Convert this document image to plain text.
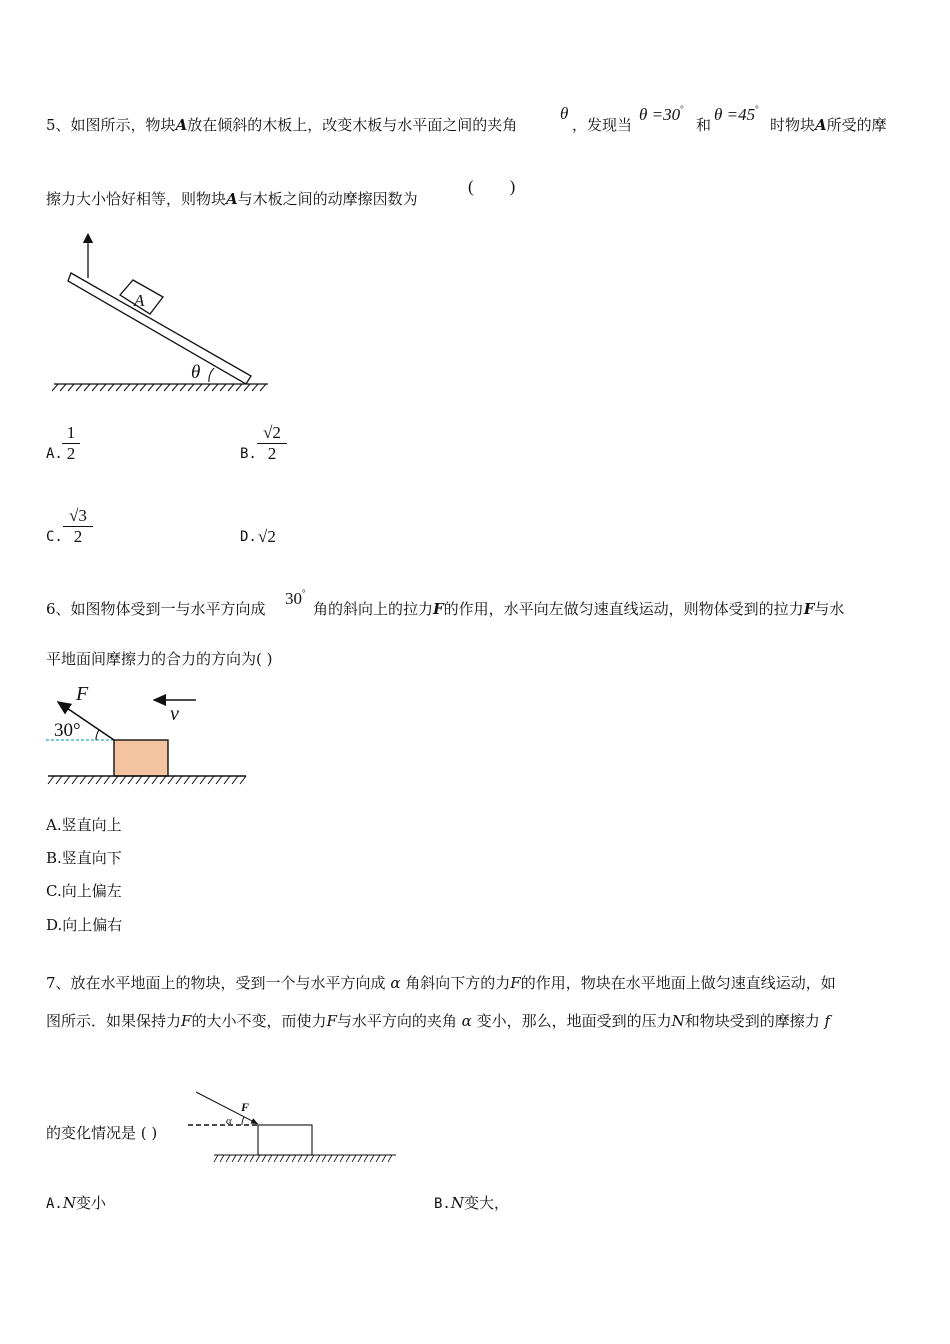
5、如图所示，物块A放在倾斜的木板上，改变木板与水平面之间的夹角
θ
，发现当
θ =30°
和
θ =45°
时物块A所受的摩
擦力大小恰好相等，则物块A与木板之间的动摩擦因数为
( )
A
θ
A.
1
2	B.
√2
2
C.
√3
2	D. √2
6、如图物体受到一与水平方向成
30°
角的斜向上的拉力F的作用，水平向左做匀速直线运动，则物体受到的拉力F与水
平地面间摩擦力的合力的方向为( )
F
30°
v
A.竖直向上
B.竖直向下
C.向上偏左
D.向上偏右
7、放在水平地面上的物块，受到一个与水平方向成 α 角斜向下方的力F的作用，物块在水平地面上做匀速直线运动，如
图所示．如果保持力F的大小不变，而使力F与水平方向的夹角 α 变小，那么，地面受到的压力N和物块受到的摩擦力 f
的变化情况是 ( )
F
α
A.N变小	B.N变大，
